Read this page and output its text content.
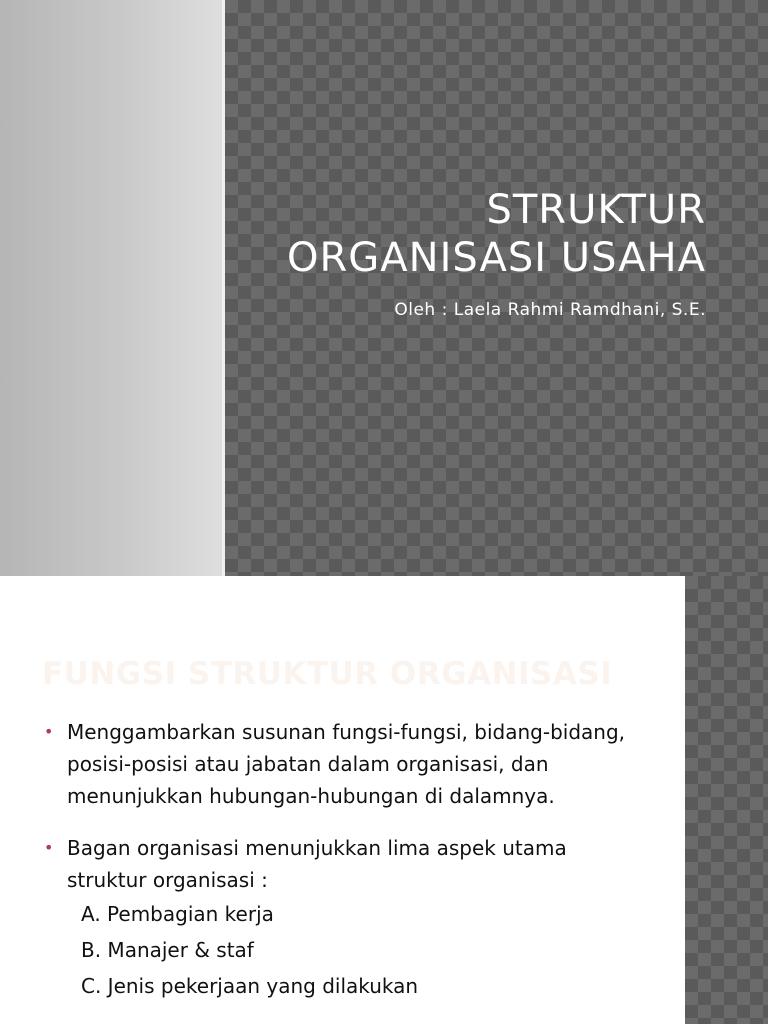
STRUKTUR
ORGANISASI USAHA

Oleh : Laela Rahmi Ramdhani, S.E.

FUNGSI STRUKTUR ORGANISASI
• Menggambarkan susunan fungsi-fungsi, bidang-bidang, posisi-posisi atau jabatan dalam organisasi, dan menunjukkan hubungan-hubungan di dalamnya.
• Bagan organisasi menunjukkan lima aspek utama struktur organisasi :
A. Pembagian kerja
B. Manajer & staf
C. Jenis pekerjaan yang dilakukan
